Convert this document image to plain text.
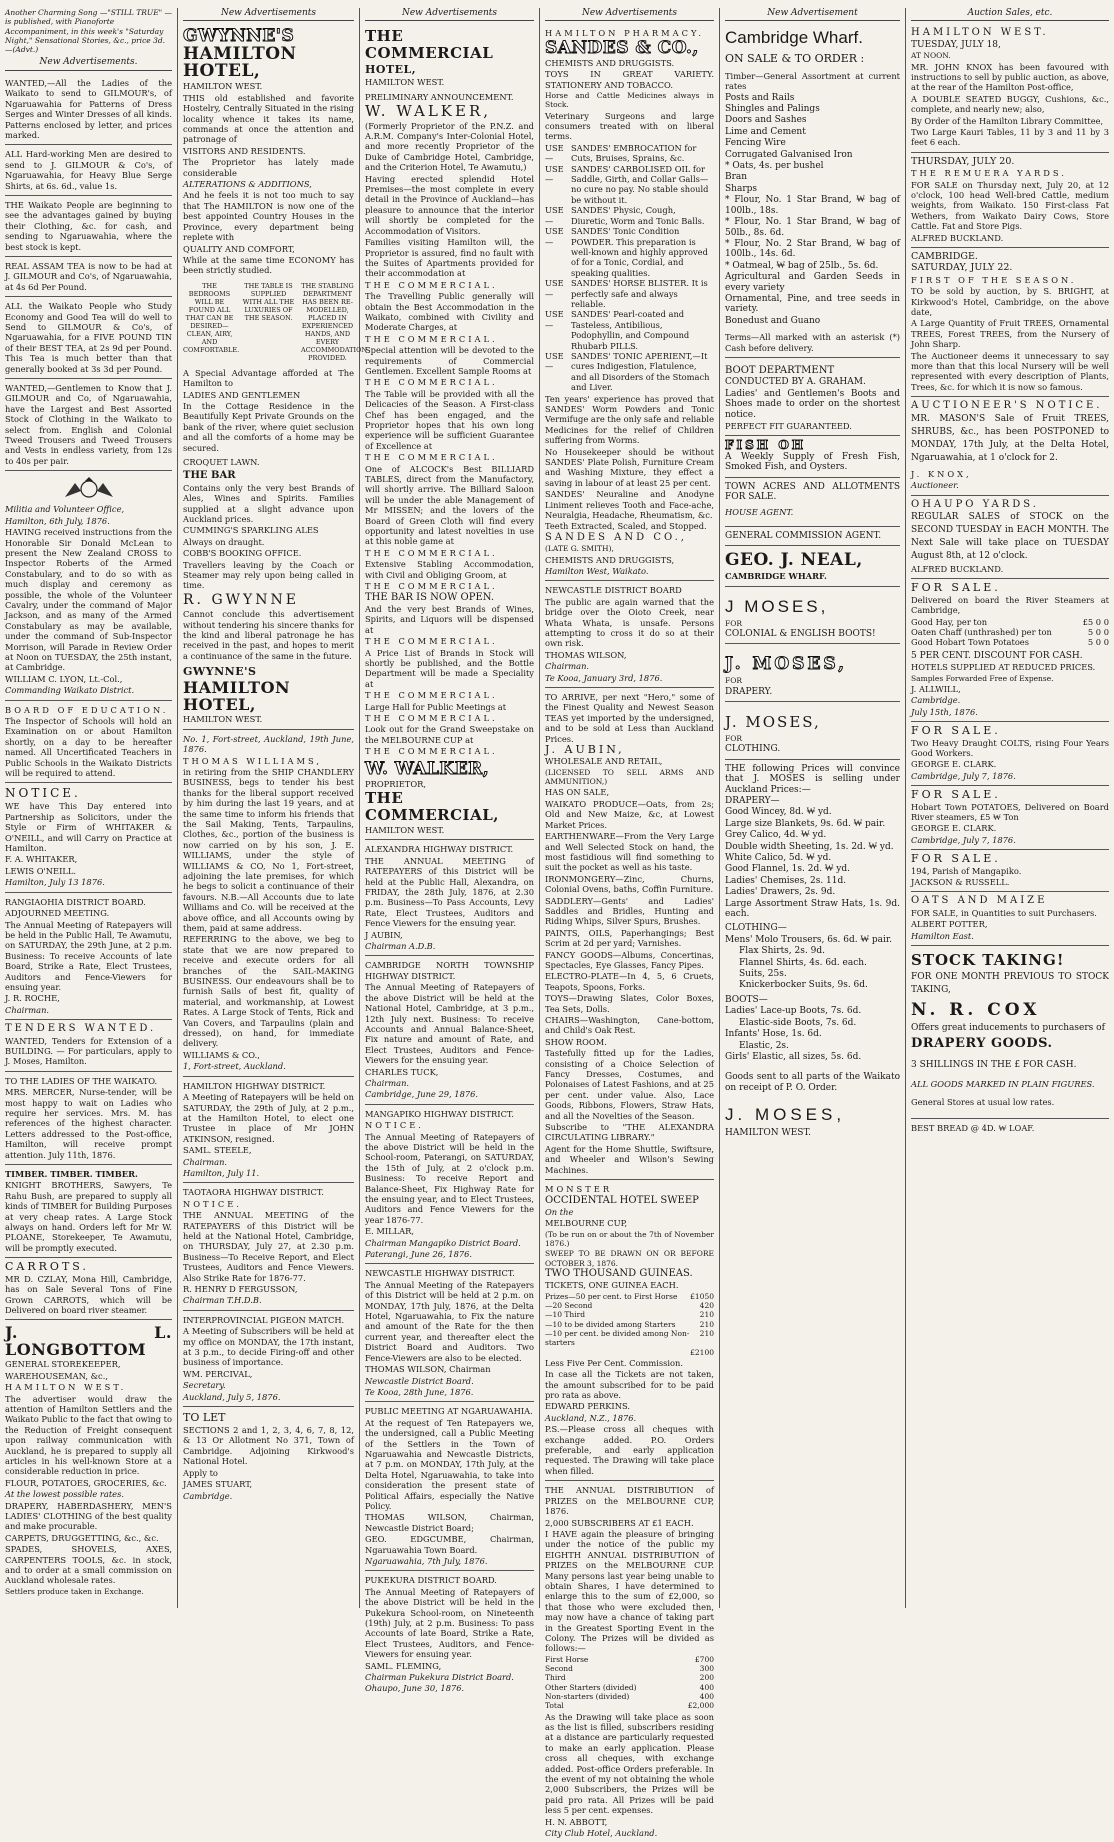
Another Charming Song —"STILL TRUE" —is published, with Pianoforte Accompaniment, in this week's "Saturday Night," Sensational Stories, &c., price 3d.—(Advt.)

New Advertisements.

WANTED,—All the Ladies of the Waikato to send to GILMOUR's, of Ngaruawahia for Patterns of Dress Serges and Winter Dresses of all kinds. Patterns enclosed by letter, and prices marked.

ALL Hard-working Men are desired to send to J. GILMOUR & Co's, of Ngaruawahia, for Heavy Blue Serge Shirts, at 6s. 6d., value 1s.

THE Waikato People are beginning to see the advantages gained by buying their Clothing, &c. for cash, and sending to Ngaruawahia, where the best stock is kept.

REAL ASSAM TEA is now to be had at J. GILMOUR and Co's, of Ngaruawahia, at 4s 6d Per Pound.

ALL the Waikato People who Study Economy and Good Tea will do well to Send to GILMOUR & Co's, of Ngaruawahia, for a FIVE POUND TIN of their BEST TEA, at 2s 9d per Pound. This Tea is much better than that generally booked at 3s 3d per Pound.

WANTED,—Gentlemen to Know that J. GILMOUR and Co, of Ngaruawahia, have the Largest and Best Assorted Stock of Clothing in the Waikato to select from. English and Colonial Tweed Trousers and Tweed Trousers and Vests in endless variety, from 12s to 40s per pair.

Militia and Volunteer Office,

Hamilton, 6th July, 1876.

HAVING received instructions from the Honorable Sir Donald McLean to present the New Zealand CROSS to Inspector Roberts of the Armed Constabulary, and to do so with as much display and ceremony as possible, the whole of the Volunteer Cavalry, under the command of Major Jackson, and as many of the Armed Constabulary as may be available, under the command of Sub-Inspector Morrison, will Parade in Review Order at Noon on TUESDAY, the 25th instant, at Cambridge.

WILLIAM C. LYON, Lt.-Col.,

Commanding Waikato District.

BOARD OF EDUCATION.

The Inspector of Schools will hold an Examination on or about Hamilton shortly, on a day to be hereafter named. All Uncertificated Teachers in Public Schools in the Waikato Districts will be required to attend.

NOTICE.

WE have This Day entered into Partnership as Solicitors, under the Style or Firm of WHITAKER & O'NEILL, and will Carry on Practice at Hamilton.

F. A. WHITAKER,

LEWIS O'NEILL.

Hamilton, July 13 1876.

RANGIAOHIA DISTRICT BOARD.

ADJOURNED MEETING.

The Annual Meeting of Ratepayers will be held in the Public Hall, Te Awamutu, on SATURDAY, the 29th June, at 2 p.m. Business: To receive Accounts of late Board, Strike a Rate, Elect Trustees, Auditors and Fence-Viewers for ensuing year.

J. R. ROCHE,

Chairman.

TENDERS WANTED.

WANTED, Tenders for Extension of a BUILDING. — For particulars, apply to J. Moses, Hamilton.

TO THE LADIES OF THE WAIKATO.

MRS. MERCER, Nurse-tender, will be most happy to wait on Ladies who require her services. Mrs. M. has references of the highest character. Letters addressed to the Post-office, Hamilton, will receive prompt attention. July 11th, 1876.

TIMBER. TIMBER. TIMBER.

KNIGHT BROTHERS, Sawyers, Te Rahu Bush, are prepared to supply all kinds of TIMBER for Building Purposes at very cheap rates. A Large Stock always on hand. Orders left for Mr W. PLOANE, Storekeeper, Te Awamutu, will be promptly executed.

CARROTS.

MR D. CZLAY, Mona Hill, Cambridge, has on Sale Several Tons of Fine Grown CARROTS, which will be Delivered on board river steamer.

J. L. LONGBOTTOM

GENERAL STOREKEEPER,

WAREHOUSEMAN, &c.,

HAMILTON WEST.

The advertiser would draw the attention of Hamilton Settlers and the Waikato Public to the fact that owing to the Reduction of Freight consequent upon railway communication with Auckland, he is prepared to supply all articles in his well-known Store at a considerable reduction in price.

FLOUR, POTATOES, GROCERIES, &c.

At the lowest possible rates.

DRAPERY, HABERDASHERY, MEN'S LADIES' CLOTHING of the best quality and make procurable.

CARPETS, DRUGGETTING, &c., &c.

SPADES, SHOVELS, AXES, CARPENTERS TOOLS, &c. in stock, and to order at a small commission on Auckland wholesale rates.

Settlers produce taken in Exchange.

New Advertisements

GWYNNE'S

HAMILTON HOTEL,

HAMILTON WEST.

THIS old established and favorite Hostelry, Centrally Situated in the rising locality whence it takes its name, commands at once the attention and patronage of

VISITORS AND RESIDENTS.

The Proprietor has lately made considerable

ALTERATIONS & ADDITIONS,

And he feels it is not too much to say that The HAMILTON is now one of the best appointed Country Houses in the Province, every department being replete with

QUALITY AND COMFORT,

While at the same time ECONOMY has been strictly studied.

THE BEDROOMS WILL BE FOUND ALL THAT CAN BE DESIRED—CLEAN, AIRY, AND COMFORTABLE.
THE TABLE IS SUPPLIED WITH ALL THE LUXURIES OF THE SEASON.
THE STABLING DEPARTMENT HAS BEEN RE-MODELLED, PLACED IN EXPERIENCED HANDS, AND EVERY ACCOMMODATION PROVIDED.

A Special Advantage afforded at The Hamilton to

LADIES AND GENTLEMEN

In the Cottage Residence in the Beautifully Kept Private Grounds on the bank of the river, where quiet seclusion and all the comforts of a home may be secured.

CROQUET LAWN.

THE BAR

Contains only the very best Brands of Ales, Wines and Spirits. Families supplied at a slight advance upon Auckland prices.

CUMMING'S SPARKLING ALES

Always on draught.

COBB'S BOOKING OFFICE.

Travellers leaving by the Coach or Steamer may rely upon being called in time.

R. GWYNNE

Cannot conclude this advertisement without tendering his sincere thanks for the kind and liberal patronage he has received in the past, and hopes to merit a continuance of the same in the future.

GWYNNE'S

HAMILTON HOTEL,

HAMILTON WEST.

No. 1, Fort-street, Auckland, 19th June, 1876.

THOMAS WILLIAMS,

in retiring from the SHIP CHANDLERY BUSINESS, begs to tender his best thanks for the liberal support received by him during the last 19 years, and at the same time to inform his friends that the Sail Making, Tents, Tarpaulins, Clothes, &c., portion of the business is now carried on by his son, J. E. WILLIAMS, under the style of WILLIAMS & CO, No 1, Fort-street, adjoining the late premises, for which he begs to solicit a continuance of their favours. N.B.—All Accounts due to late Williams and Co. will be received at the above office, and all Accounts owing by them, paid at same address.

REFERRING to the above, we beg to state that we are now prepared to receive and execute orders for all branches of the SAIL-MAKING BUSINESS. Our endeavours shall be to furnish Sails of best fit, quality of material, and workmanship, at Lowest Rates. A Large Stock of Tents, Rick and Van Covers, and Tarpaulins (plain and dressed), on hand, for immediate delivery.

WILLIAMS & CO.,

1, Fort-street, Auckland.

HAMILTON HIGHWAY DISTRICT.

A Meeting of Ratepayers will be held on SATURDAY, the 29th of July, at 2 p.m., at the Hamilton Hotel, to elect one Trustee in place of Mr JOHN ATKINSON, resigned.

SAML. STEELE,

Chairman.

Hamilton, July 11.

TAOTAORA HIGHWAY DISTRICT.

NOTICE.

THE ANNUAL MEETING of the RATEPAYERS of this District will be held at the National Hotel, Cambridge, on THURSDAY, July 27, at 2.30 p.m. Business—To Receive Report, and Elect Trustees, Auditors and Fence Viewers. Also Strike Rate for 1876-77.

R. HENRY D FERGUSSON,

Chairman T.H.D.B.

INTERPROVINCIAL PIGEON MATCH.

A Meeting of Subscribers will be held at my office on MONDAY, the 17th instant, at 3 p.m., to decide Firing-off and other business of importance.

WM. PERCIVAL,

Secretary.

Auckland, July 5, 1876.

TO LET

SECTIONS 2 and 1, 2, 3, 4, 6, 7, 8, 12, & 13 Or Allotment No 371, Town of Cambridge. Adjoining Kirkwood's National Hotel.

Apply to

JAMES STUART,

Cambridge.

New Advertisements

THE COMMERCIAL

HOTEL,

HAMILTON WEST.

PRELIMINARY ANNOUNCEMENT.

W. WALKER,

(Formerly Proprietor of the P.N.Z. and A.R.M. Company's Inter-Colonial Hotel, and more recently Proprietor of the Duke of Cambridge Hotel, Cambridge, and the Criterion Hotel, Te Awamutu,)

Having erected splendid Hotel Premises—the most complete in every detail in the Province of Auckland—has pleasure to announce that the interior will shortly be completed for the Accommodation of Visitors.

Families visiting Hamilton will, the Proprietor is assured, find no fault with the Suites of Apartments provided for their accommodation at

THE COMMERCIAL.

The Travelling Public generally will obtain the Best Accommodation in the Waikato, combined with Civility and Moderate Charges, at

THE COMMERCIAL.

Special attention will be devoted to the requirements of Commercial Gentlemen. Excellent Sample Rooms at

THE COMMERCIAL.

The Table will be provided with all the Delicacies of the Season. A First-class Chef has been engaged, and the Proprietor hopes that his own long experience will be sufficient Guarantee of Excellence at

THE COMMERCIAL.

One of ALCOCK's Best BILLIARD TABLES, direct from the Manufactory, will shortly arrive. The Billiard Saloon will be under the able Management of Mr MISSEN; and the lovers of the Board of Green Cloth will find every opportunity and latest novelties in use at this noble game at

THE COMMERCIAL.

Extensive Stabling Accommodation, with Civil and Obliging Groom, at

THE COMMERCIAL.

THE BAR IS NOW OPEN.

And the very best Brands of Wines, Spirits, and Liquors will be dispensed at

THE COMMERCIAL.

A Price List of Brands in Stock will shortly be published, and the Bottle Department will be made a Speciality at

THE COMMERCIAL.

Large Hall for Public Meetings at

THE COMMERCIAL.

Look out for the Grand Sweepstake on the MELBOURNE CUP at

THE COMMERCIAL.

W. WALKER,

PROPRIETOR,

THE COMMERCIAL,

HAMILTON WEST.

ALEXANDRA HIGHWAY DISTRICT.

THE ANNUAL MEETING of RATEPAYERS of this District will be held at the Public Hall, Alexandra, on FRIDAY, the 28th July, 1876, at 2.30 p.m. Business—To Pass Accounts, Levy Rate, Elect Trustees, Auditors and Fence Viewers for the ensuing year.

J AUBIN,

Chairman A.D.B.

CAMBRIDGE NORTH TOWNSHIP HIGHWAY DISTRICT.

The Annual Meeting of Ratepayers of the above District will be held at the National Hotel, Cambridge, at 3 p.m., 12th July next. Business: To receive Accounts and Annual Balance-Sheet, Fix nature and amount of Rate, and Elect Trustees, Auditors and Fence-Viewers for the ensuing year.

CHARLES TUCK,

Chairman.

Cambridge, June 29, 1876.

MANGAPIKO HIGHWAY DISTRICT.

NOTICE.

The Annual Meeting of Ratepayers of the above District will be held in the School-room, Paterangi, on SATURDAY, the 15th of July, at 2 o'clock p.m. Business: To receive Report and Balance-Sheet, Fix Highway Rate for the ensuing year, and to Elect Trustees, Auditors and Fence Viewers for the year 1876-77.

E. MILLAR,

Chairman Mangapiko District Board.

Paterangi, June 26, 1876.

NEWCASTLE HIGHWAY DISTRICT.

The Annual Meeting of the Ratepayers of this District will be held at 2 p.m. on MONDAY, 17th July, 1876, at the Delta Hotel, Ngaruawahia, to Fix the nature and amount of the Rate for the then current year, and thereafter elect the District Board and Auditors. Two Fence-Viewers are also to be elected.

THOMAS WILSON, Chairman

Newcastle District Board.

Te Kooa, 28th June, 1876.

PUBLIC MEETING AT NGARUAWAHIA.

At the request of Ten Ratepayers we, the undersigned, call a Public Meeting of the Settlers in the Town of Ngaruawahia and Newcastle Districts, at 7 p.m. on MONDAY, 17th July, at the Delta Hotel, Ngaruawahia, to take into consideration the present state of Political Affairs, especially the Native Policy.

THOMAS WILSON, Chairman, Newcastle District Board;

GEO. EDGCUMBE, Chairman, Ngaruawahia Town Board.

Ngaruawahia, 7th July, 1876.

PUKEKURA DISTRICT BOARD.

The Annual Meeting of Ratepayers of the above District will be held in the Pukekura School-room, on Nineteenth (19th) July, at 2 p.m. Business: To pass Accounts of late Board, Strike a Rate, Elect Trustees, Auditors, and Fence-Viewers for ensuing year.

SAML. FLEMING,

Chairman Pukekura District Board.

Ohaupo, June 30, 1876.

New Advertisements

HAMILTON PHARMACY.

SANDES & CO.,

CHEMISTS AND DRUGGISTS.

TOYS IN GREAT VARIETY. STATIONERY AND TOBACCO.

Horse and Cattle Medicines always in Stock.

Veterinary Surgeons and large consumers treated with on liberal terms.

USE—
SANDES' EMBROCATION for Cuts, Bruises, Sprains, &c.
USE—
SANDES' CARBOLISED OIL for Saddle, Girth, and Collar Galls—no cure no pay. No stable should be without it.
USE—
SANDES' Physic, Cough, Diuretic, Worm and Tonic Balls.
USE—
SANDES' Tonic Condition POWDER. This preparation is well-known and highly approved of for a Tonic, Cordial, and speaking qualities.
USE—
SANDES' HORSE BLISTER. It is perfectly safe and always reliable.
USE—
SANDES' Pearl-coated and Tasteless, Antibilious, Podophyllin, and Compound Rhubarb PILLS.
USE—
SANDES' TONIC APERIENT,—It cures Indigestion, Flatulence, and all Disorders of the Stomach and Liver.

Ten years' experience has proved that SANDES' Worm Powders and Tonic Vermifuge are the only safe and reliable Medicines for the relief of Children suffering from Worms.

No Housekeeper should be without SANDES' Plate Polish, Furniture Cream and Washing Mixture, they effect a saving in labour of at least 25 per cent.

SANDES' Neuraline and Anodyne Liniment relieves Tooth and Face-ache, Neuralgia, Headache, Rheumatism, &c.

Teeth Extracted, Scaled, and Stopped.

SANDES AND CO.,

(LATE G. SMITH),

CHEMISTS AND DRUGGISTS,

Hamilton West, Waikato.

NEWCASTLE DISTRICT BOARD

The public are again warned that the bridge over the Oioto Creek, near Whata Whata, is unsafe. Persons attempting to cross it do so at their own risk.

THOMAS WILSON,

Chairman.

Te Kooa, January 3rd, 1876.

TO ARRIVE, per next "Hero," some of the Finest Quality and Newest Season TEAS yet imported by the undersigned, and to be sold at Less than Auckland Prices.

J. AUBIN,

WHOLESALE AND RETAIL,

(LICENSED TO SELL ARMS AND AMMUNITION,)

HAS ON SALE,

WAIKATO PRODUCE—Oats, from 2s; Old and New Maize, &c, at Lowest Market Prices.

EARTHENWARE—From the Very Large and Well Selected Stock on hand, the most fastidious will find something to suit the pocket as well as his taste.

IRONMONGERY—Zinc, Churns, Colonial Ovens, baths, Coffin Furniture.

SADDLERY—Gents' and Ladies' Saddles and Bridles, Hunting and Riding Whips, Silver Spurs, Brushes.

PAINTS, OILS, Paperhangings; Best Scrim at 2d per yard; Varnishes.

FANCY GOODS—Albums, Concertinas, Spectacles, Eye Glasses, Fancy Pipes.

ELECTRO-PLATE—In 4, 5, 6 Cruets, Teapots, Spoons, Forks.

TOYS—Drawing Slates, Color Boxes, Tea Sets, Dolls.

CHAIRS—Washington, Cane-bottom, and Child's Oak Rest.

SHOW ROOM.

Tastefully fitted up for the Ladies, consisting of a Choice Selection of Fancy Dresses, Costumes, and Polonaises of Latest Fashions, and at 25 per cent. under value. Also, Lace Goods, Ribbons, Flowers, Straw Hats, and all the Novelties of the Season.

Subscribe to "THE ALEXANDRA CIRCULATING LIBRARY."

Agent for the Home Shuttle, Swiftsure, and Wheeler and Wilson's Sewing Machines.

MONSTER

OCCIDENTAL HOTEL SWEEP

On the

MELBOURNE CUP,

(To be run on or about the 7th of November 1876.)

SWEEP TO BE DRAWN ON OR BEFORE OCTOBER 3, 1876.

TWO THOUSAND GUINEAS.

TICKETS, ONE GUINEA EACH.

Prizes—50 per cent. to First Horse £1050
—20 Second	420
—10 Third	210
—10 to be divided among Starters	210
—10 per cent. be divided among Non-starters
210
£2100

Less Five Per Cent. Commission.

In case all the Tickets are not taken, the amount subscribed for to be paid pro rata as above.

EDWARD PERKINS.

Auckland, N.Z., 1876.

P.S.—Please cross all cheques with exchange added. P.O. Orders preferable, and early application requested. The Drawing will take place when filled.

THE ANNUAL DISTRIBUTION of PRIZES on the MELBOURNE CUP, 1876.

2,000 SUBSCRIBERS AT £1 EACH.

I HAVE again the pleasure of bringing under the notice of the public my EIGHTH ANNUAL DISTRIBUTION of PRIZES on the MELBOURNE CUP. Many persons last year being unable to obtain Shares, I have determined to enlarge this to the sum of £2,000, so that those who were excluded then, may now have a chance of taking part in the Greatest Sporting Event in the Colony. The Prizes will be divided as follows:—

First Horse	£700
Second	300
Third	200
Other Starters (divided)	400
Non-starters (divided)	400
Total	£2,000

As the Drawing will take place as soon as the list is filled, subscribers residing at a distance are particularly requested to make an early application. Please cross all cheques, with exchange added. Post-office Orders preferable. In the event of my not obtaining the whole 2,000 Subscribers, the Prizes will be paid pro rata. All Prizes will be paid less 5 per cent. expenses.

H. N. ABBOTT,

City Club Hotel, Auckland.

New Advertisement

Cambridge Wharf.

ON SALE & TO ORDER :

Timber—General Assortment at current rates

Posts and Rails

Shingles and Palings

Doors and Sashes

Lime and Cement

Fencing Wire

Corrugated Galvanised Iron

* Oats, 4s. per bushel

Bran

Sharps

* Flour, No. 1 Star Brand, ₩ bag of 100lb., 18s.

* Flour, No. 1 Star Brand, ₩ bag of 50lb., 8s. 6d.

* Flour, No. 2 Star Brand, ₩ bag of 100lb., 14s. 6d.

* Oatmeal, ₩ bag of 25lb., 5s. 6d.

Agricultural and Garden Seeds in every variety

Ornamental, Pine, and tree seeds in variety.

Bonedust and Guano

Terms—All marked with an asterisk (*) Cash before delivery.

BOOT DEPARTMENT

CONDUCTED BY A. GRAHAM.

Ladies' and Gentlemen's Boots and Shoes made to order on the shortest notice.

PERFECT FIT GUARANTEED.

FISH OH

A Weekly Supply of Fresh Fish, Smoked Fish, and Oysters.

TOWN ACRES AND ALLOTMENTS FOR SALE.

HOUSE AGENT.

GENERAL COMMISSION AGENT.

GEO. J. NEAL,

CAMBRIDGE WHARF.

J MOSES,

FOR

COLONIAL & ENGLISH BOOTS!

J. MOSES,

FOR

DRAPERY.

J. MOSES,

FOR

CLOTHING.

THE following Prices will convince that J. MOSES is selling under Auckland Prices:—

DRAPERY—

Good Wincey, 8d. ₩ yd.

Large size Blankets, 9s. 6d. ₩ pair.

Grey Calico, 4d. ₩ yd.

Double width Sheeting, 1s. 2d. ₩ yd.

White Calico, 5d. ₩ yd.

Good Flannel, 1s. 2d. ₩ yd.

Ladies' Chemises, 2s. 11d.

Ladies' Drawers, 2s. 9d.

Large Assortment Straw Hats, 1s. 9d. each.

CLOTHING—

Mens' Molo Trousers, 6s. 6d. ₩ pair.

Flax Shirts, 2s. 9d.

Flannel Shirts, 4s. 6d. each.

Suits, 25s.

Knickerbocker Suits, 9s. 6d.

BOOTS—

Ladies' Lace-up Boots, 7s. 6d.

Elastic-side Boots, 7s. 6d.

Infants' Hose, 1s. 6d.

Elastic, 2s.

Girls' Elastic, all sizes, 5s. 6d.

Goods sent to all parts of the Waikato on receipt of P. O. Order.

J. MOSES,

HAMILTON WEST.

Auction Sales, etc.

HAMILTON WEST.

TUESDAY, JULY 18,

AT NOON.

MR. JOHN KNOX has been favoured with instructions to sell by public auction, as above, at the rear of the Hamilton Post-office,

A DOUBLE SEATED BUGGY, Cushions, &c., complete, and nearly new; also,

By Order of the Hamilton Library Committee,

Two Large Kauri Tables, 11 by 3 and 11 by 3 feet 6 each.

THURSDAY, JULY 20.

THE REMUERA YARDS.

FOR SALE on Thursday next, July 20, at 12 o'clock, 100 head Well-bred Cattle, medium weights, from Waikato. 150 First-class Fat Wethers, from Waikato Dairy Cows, Store Cattle. Fat and Store Pigs.

ALFRED BUCKLAND.

CAMBRIDGE.

SATURDAY, JULY 22.

FIRST OF THE SEASON.

TO be sold by auction, by S. BRIGHT, at Kirkwood's Hotel, Cambridge, on the above date,

A Large Quantity of Fruit TREES, Ornamental TREES, Forest TREES, from the Nursery of John Sharp.

The Auctioneer deems it unnecessary to say more than that this local Nursery will be well represented with every description of Plants, Trees, &c. for which it is now so famous.

AUCTIONEER'S NOTICE.

MR. MASON'S Sale of Fruit TREES, SHRUBS, &c., has been POSTPONED to MONDAY, 17th July, at the Delta Hotel, Ngaruawahia, at 1 o'clock for 2.

J. KNOX,

Auctioneer.

OHAUPO YARDS.

REGULAR SALES of STOCK on the SECOND TUESDAY in EACH MONTH. The Next Sale will take place on TUESDAY August 8th, at 12 o'clock.

ALFRED BUCKLAND.

FOR SALE.

Delivered on board the River Steamers at Cambridge,

Good Hay, per ton	£5 0 0
Oaten Chaff (unthrashed) per ton	5 0 0
Good Hobart Town Potatoes	5 0 0

5 PER CENT. DISCOUNT FOR CASH.

HOTELS SUPPLIED AT REDUCED PRICES.

Samples Forwarded Free of Expense.

J. ALLWILL,

Cambridge.

July 15th, 1876.

FOR SALE.

Two Heavy Draught COLTS, rising Four Years Good Workers.

GEORGE E. CLARK.

Cambridge, July 7, 1876.

FOR SALE.

Hobart Town POTATOES, Delivered on Board River steamers, £5 ₩ Ton

GEORGE E. CLARK.

Cambridge, July 7, 1876.

FOR SALE.

194, Parish of Mangapiko.

JACKSON & RUSSELL.

OATS AND MAIZE

FOR SALE, in Quantities to suit Purchasers.

ALBERT POTTER,

Hamilton East.

STOCK TAKING!

FOR ONE MONTH PREVIOUS TO STOCK TAKING,

N. R. COX

Offers great inducements to purchasers of

DRAPERY GOODS.

3 SHILLINGS IN THE £ FOR CASH.

ALL GOODS MARKED IN PLAIN FIGURES.

General Stores at usual low rates.

BEST BREAD @ 4D. ₩ LOAF.
